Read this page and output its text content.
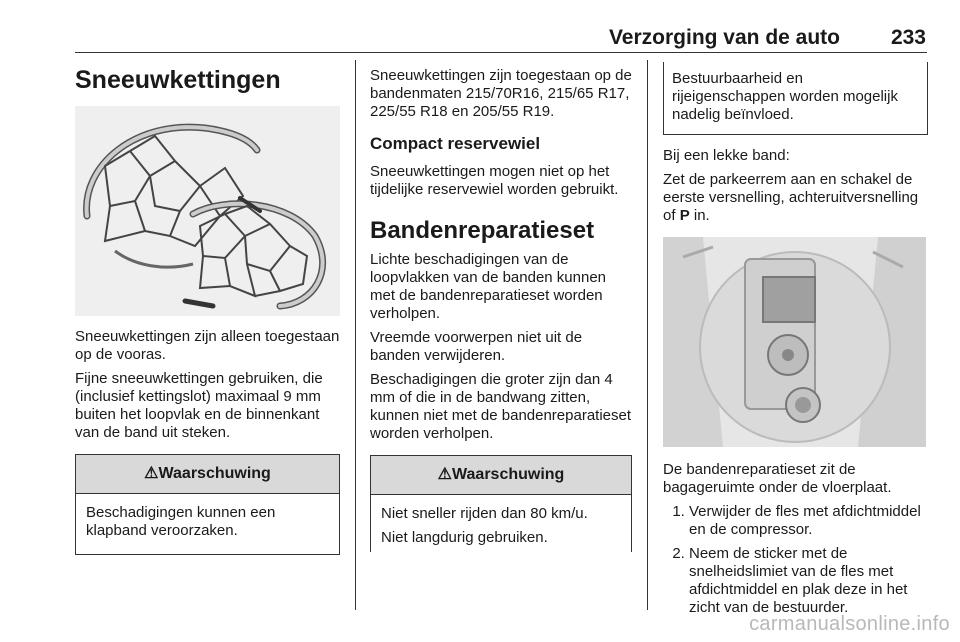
Verzorging van de auto 233
Sneeuwkettingen

Sneeuwkettingen zijn alleen toegestaan op de vooras.

Fijne sneeuwkettingen gebruiken, die (inclusief kettingslot) maximaal 9 mm buiten het loopvlak en de binnenkant van de band uit steken.

⚠Waarschuwing

Beschadigingen kunnen een klapband veroorzaken.

Sneeuwkettingen zijn toegestaan op de bandenmaten 215/70R16, 215/65 R17, 225/55 R18 en 205/55 R19.

Compact reservewiel

Sneeuwkettingen mogen niet op het tijdelijke reservewiel worden gebruikt.

Bandenreparatieset

Lichte beschadigingen van de loopvlakken van de banden kunnen met de bandenreparatieset worden verholpen.

Vreemde voorwerpen niet uit de banden verwijderen.

Beschadigingen die groter zijn dan 4 mm of die in de bandwang zitten, kunnen niet met de bandenreparatieset worden verholpen.

⚠Waarschuwing

Niet sneller rijden dan 80 km/u.

Niet langdurig gebruiken.

Bestuurbaarheid en rijeigenschappen worden mogelijk nadelig beïnvloed.

Bij een lekke band:

Zet de parkeerrem aan en schakel de eerste versnelling, achteruitversnelling of P in.

De bandenreparatieset zit de bagageruimte onder de vloerplaat.

1. Verwijder de fles met afdichtmiddel en de compressor.
2. Neem de sticker met de snelheidslimiet van de fles met afdichtmiddel en plak deze in het zicht van de bestuurder.
carmanualsonline.info
